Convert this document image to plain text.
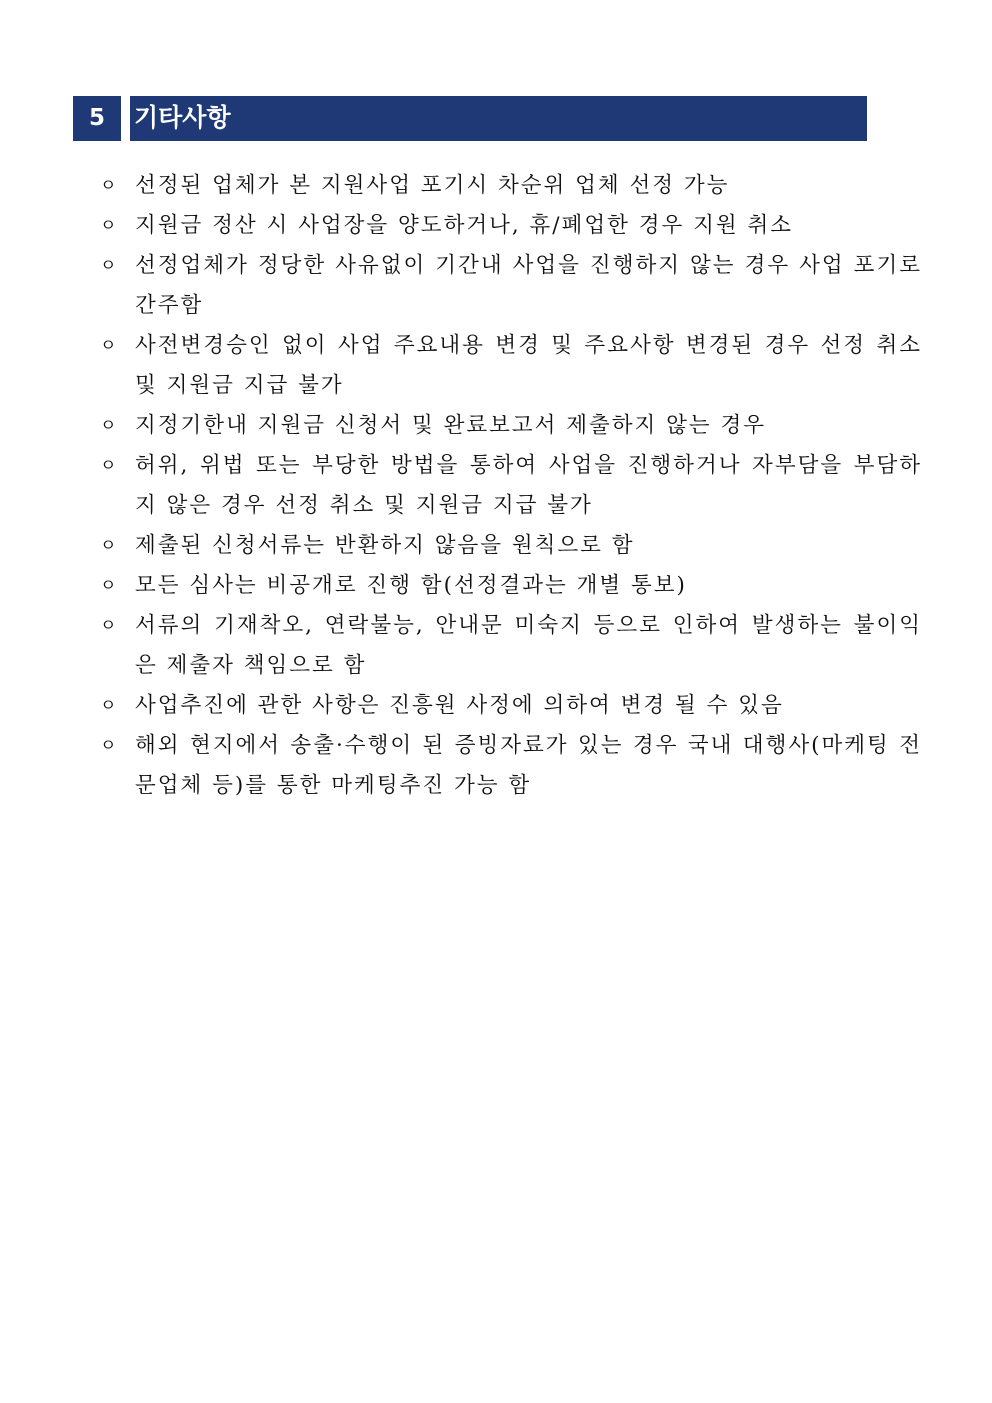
5	기타사항
ㅇ 선정된 업체가 본 지원사업 포기시 차순위 업체 선정 가능
ㅇ 지원금 정산 시 사업장을 양도하거나, 휴/폐업한 경우 지원 취소
ㅇ 선정업체가 정당한 사유없이 기간내 사업을 진행하지 않는 경우 사업 포기로 간주함
ㅇ 사전변경승인 없이 사업 주요내용 변경 및 주요사항 변경된 경우 선정 취소 및 지원금 지급 불가
ㅇ 지정기한내 지원금 신청서 및 완료보고서 제출하지 않는 경우
ㅇ 허위, 위법 또는 부당한 방법을 통하여 사업을 진행하거나 자부담을 부담하지 않은 경우 선정 취소 및 지원금 지급 불가
ㅇ 제출된 신청서류는 반환하지 않음을 원칙으로 함
ㅇ 모든 심사는 비공개로 진행 함(선정결과는 개별 통보)
ㅇ 서류의 기재착오, 연락불능, 안내문 미숙지 등으로 인하여 발생하는 불이익은 제출자 책임으로 함
ㅇ 사업추진에 관한 사항은 진흥원 사정에 의하여 변경 될 수 있음
ㅇ 해외 현지에서 송출·수행이 된 증빙자료가 있는 경우 국내 대행사(마케팅 전문업체 등)를 통한 마케팅추진 가능 함
